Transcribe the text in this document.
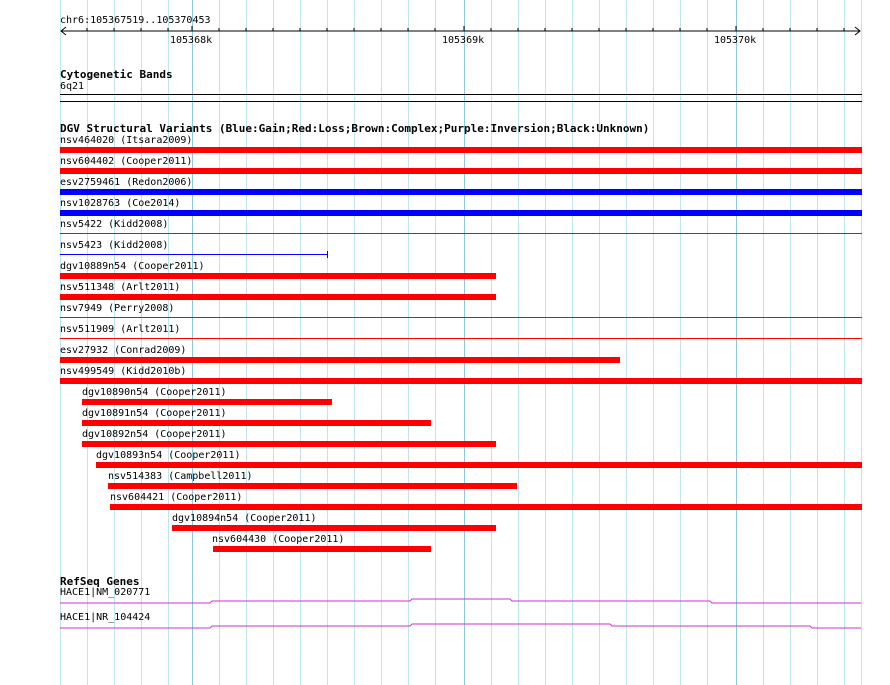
chr6:105367519..105370453
105368k	105369k	105370k
Cytogenetic Bands
6q21
DGV Structural Variants (Blue:Gain;Red:Loss;Brown:Complex;Purple:Inversion;Black:Unknown)
nsv464020 (Itsara2009)
nsv604402 (Cooper2011)
esv2759461 (Redon2006)
nsv1028763 (Coe2014)
nsv5422 (Kidd2008)
nsv5423 (Kidd2008)
dgv10889n54 (Cooper2011)
nsv511348 (Arlt2011)
nsv7949 (Perry2008)
nsv511909 (Arlt2011)
esv27932 (Conrad2009)
nsv499549 (Kidd2010b)
dgv10890n54 (Cooper2011)
dgv10891n54 (Cooper2011)
dgv10892n54 (Cooper2011)
dgv10893n54 (Cooper2011)
nsv514383 (Campbell2011)
nsv604421 (Cooper2011)
dgv10894n54 (Cooper2011)
nsv604430 (Cooper2011)
RefSeq Genes
HACE1|NM_020771
HACE1|NR_104424
